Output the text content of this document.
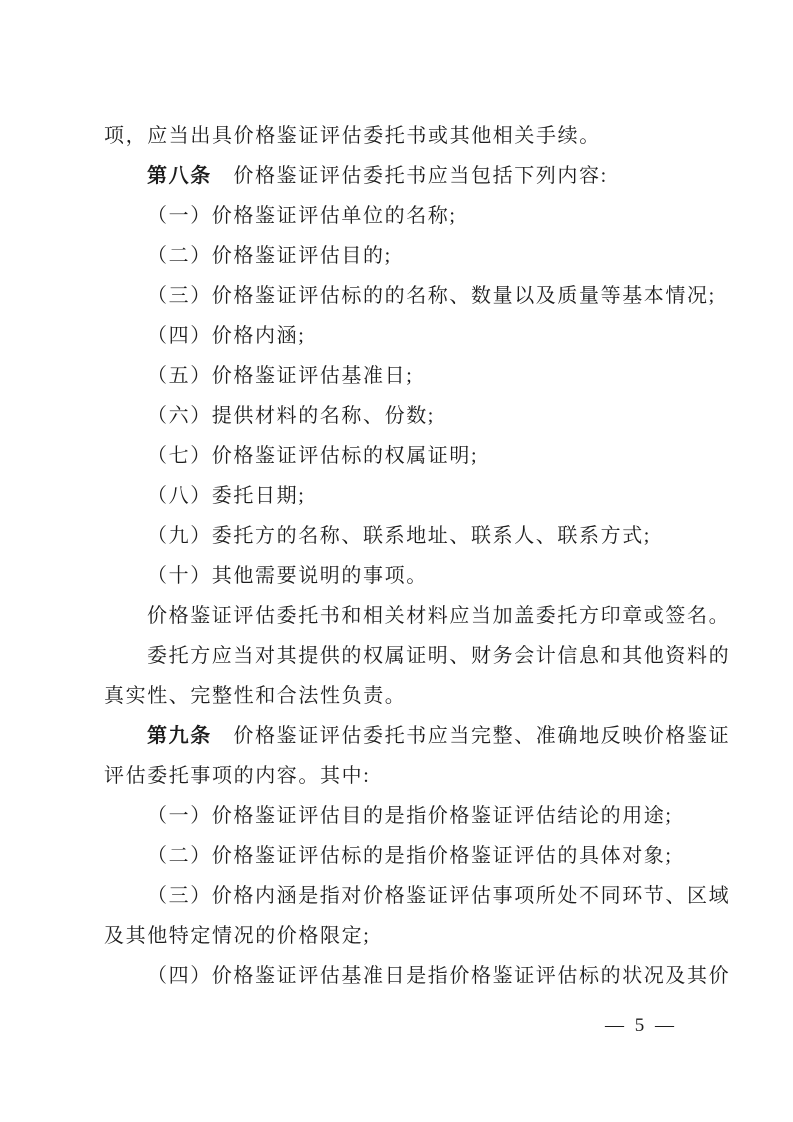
项，应当出具价格鉴证评估委托书或其他相关手续。
第八条　价格鉴证评估委托书应当包括下列内容:
（一）价格鉴证评估单位的名称;
（二）价格鉴证评估目的;
（三）价格鉴证评估标的的名称、数量以及质量等基本情况;
（四）价格内涵;
（五）价格鉴证评估基准日;
（六）提供材料的名称、份数;
（七）价格鉴证评估标的权属证明;
（八）委托日期;
（九）委托方的名称、联系地址、联系人、联系方式;
（十）其他需要说明的事项。
价格鉴证评估委托书和相关材料应当加盖委托方印章或签名。
委托方应当对其提供的权属证明、财务会计信息和其他资料的
真实性、完整性和合法性负责。
第九条　价格鉴证评估委托书应当完整、准确地反映价格鉴证
评估委托事项的内容。其中:
（一）价格鉴证评估目的是指价格鉴证评估结论的用途;
（二）价格鉴证评估标的是指价格鉴证评估的具体对象;
（三）价格内涵是指对价格鉴证评估事项所处不同环节、区域
及其他特定情况的价格限定;
（四）价格鉴证评估基准日是指价格鉴证评估标的状况及其价
— 5 —
